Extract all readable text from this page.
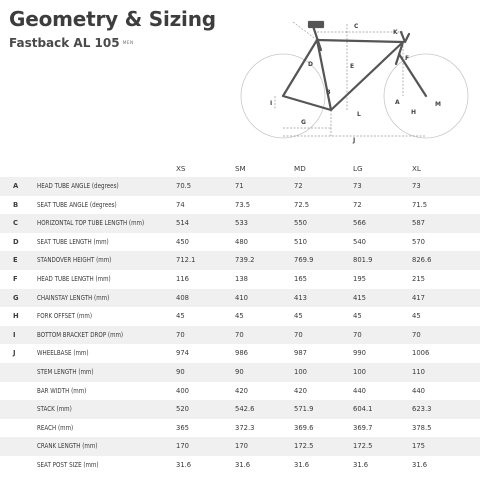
Geometry & Sizing
Fastback AL 105 MEN
C
E
D
B
A
K
F
H
M
I
J
L
G
XS	SM	MD	LG	XL
A	HEAD TUBE ANGLE (degrees)	70.5	71	72	73	73
B	SEAT TUBE ANGLE (degrees)	74	73.5	72.5	72	71.5
C	HORIZONTAL TOP TUBE LENGTH (mm)	514	533	550	566	587
D	SEAT TUBE LENGTH (mm)	450	480	510	540	570
E	STANDOVER HEIGHT (mm)	712.1	739.2	769.9	801.9	826.6
F	HEAD TUBE LENGTH (mm)	116	138	165	195	215
G	CHAINSTAY LENGTH (mm)	408	410	413	415	417
H	FORK OFFSET (mm)	45	45	45	45	45
I	BOTTOM BRACKET DROP (mm)	70	70	70	70	70
J	WHEELBASE (mm)	974	986	987	990	1006
STEM LENGTH (mm)	90	90	100	100	110
BAR WIDTH (mm)	400	420	420	440	440
STACK (mm)	520	542.6	571.9	604.1	623.3
REACH (mm)	365	372.3	369.6	369.7	378.5
CRANK LENGTH (mm)	170	170	172.5	172.5	175
SEAT POST SIZE (mm)	31.6	31.6	31.6	31.6	31.6
